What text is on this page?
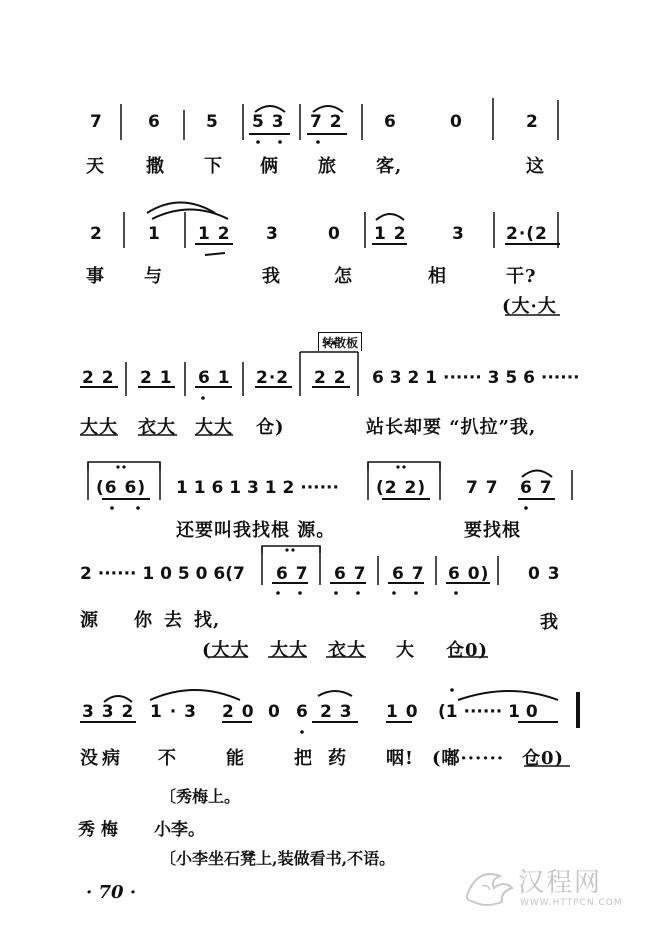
7	6	5 5 3 7 2 6	0	2
天 撒 下 俩 旅 客,	这
2	1 1 2 3	0 1 2	3 2·(2
事 与	我	怎	相	干?
(大·大
转散板
2 2 2 1 6 1 2·2 2 2 6 3 2 1 ······ 3 5 6 ······
大大 衣大 大大 仓)	站长却要 “扒拉”我,
(6 6) 1 1 6 1 3 1 2 ······ (2 2) 7 7 6 7
还要叫我找根 源。	要找根
2 ······ 1 0 5 0 6(7 6 7 6 7 6 7 6 0) 0 3
源 你 去 找,	我
(大大 大大 衣大 大 仓0)
3 3 2 1 · 3 2 0 0 6 2 3 1 0 (1 ······ 1 0
没 病 不	能	把 药 咽! (嘟······ 仓0)
〔秀梅上。
秀 梅 小李。
〔小李坐石凳上,装做看书,不语。
· 70 ·	汉程网
WWW.HTTPCN.COM
